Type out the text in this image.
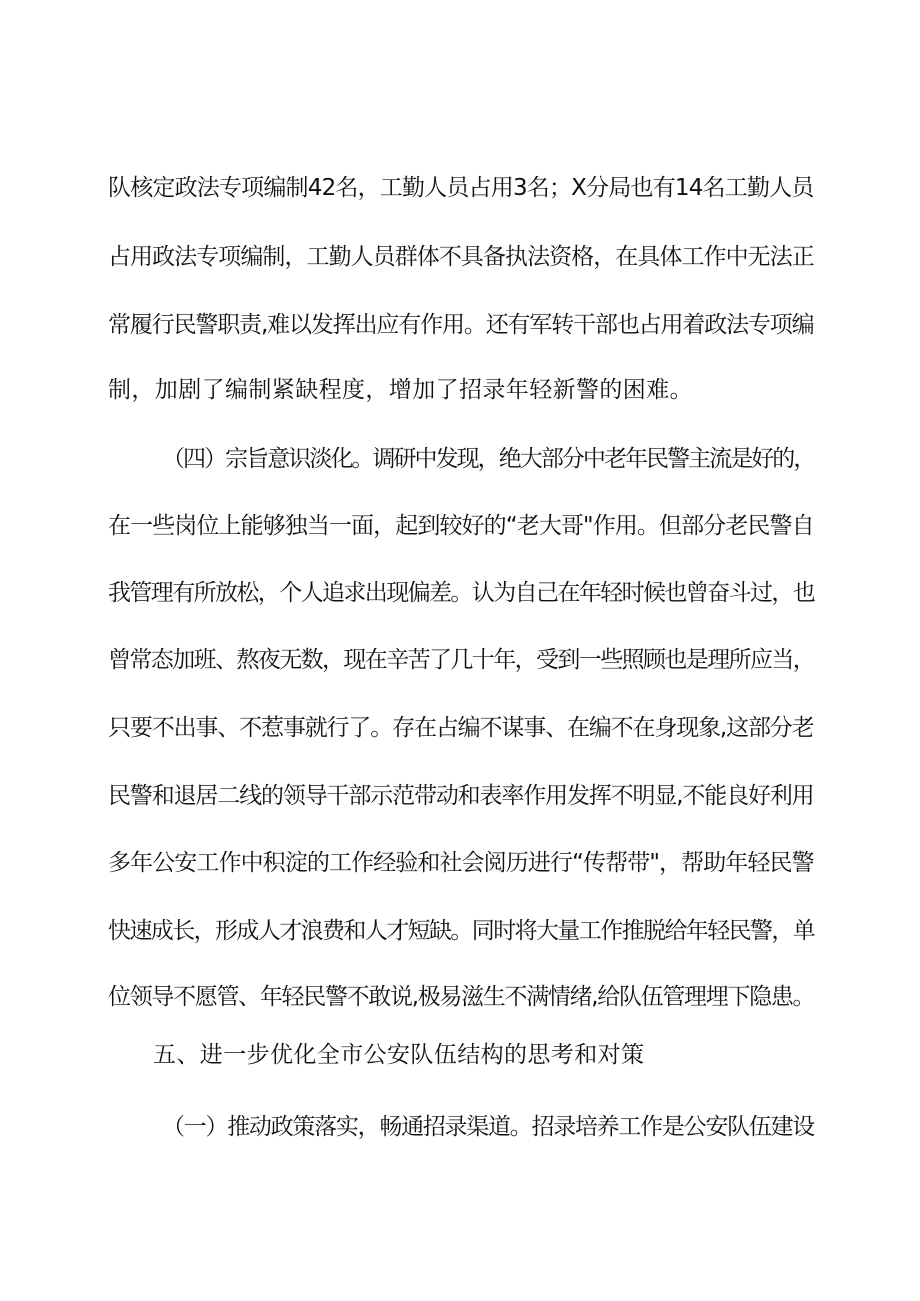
队核定政法专项编制42名，工勤人员占用3名；X分局也有14名工勤人员
占用政法专项编制，工勤人员群体不具备执法资格，在具体工作中无法正
常履行民警职责,难以发挥出应有作用。还有军转干部也占用着政法专项编
制，加剧了编制紧缺程度，增加了招录年轻新警的困难。
（四）宗旨意识淡化。调研中发现，绝大部分中老年民警主流是好的，
在一些岗位上能够独当一面，起到较好的“老大哥"作用。但部分老民警自
我管理有所放松，个人追求出现偏差。认为自己在年轻时候也曾奋斗过，也
曾常态加班、熬夜无数，现在辛苦了几十年，受到一些照顾也是理所应当，
只要不出事、不惹事就行了。存在占编不谋事、在编不在身现象,这部分老
民警和退居二线的领导干部示范带动和表率作用发挥不明显,不能良好利用
多年公安工作中积淀的工作经验和社会阅历进行“传帮带"，帮助年轻民警
快速成长，形成人才浪费和人才短缺。同时将大量工作推脱给年轻民警，单
位领导不愿管、年轻民警不敢说,极易滋生不满情绪,给队伍管理埋下隐患。
五、进一步优化全市公安队伍结构的思考和对策
（一）推动政策落实，畅通招录渠道。招录培养工作是公安队伍建设
